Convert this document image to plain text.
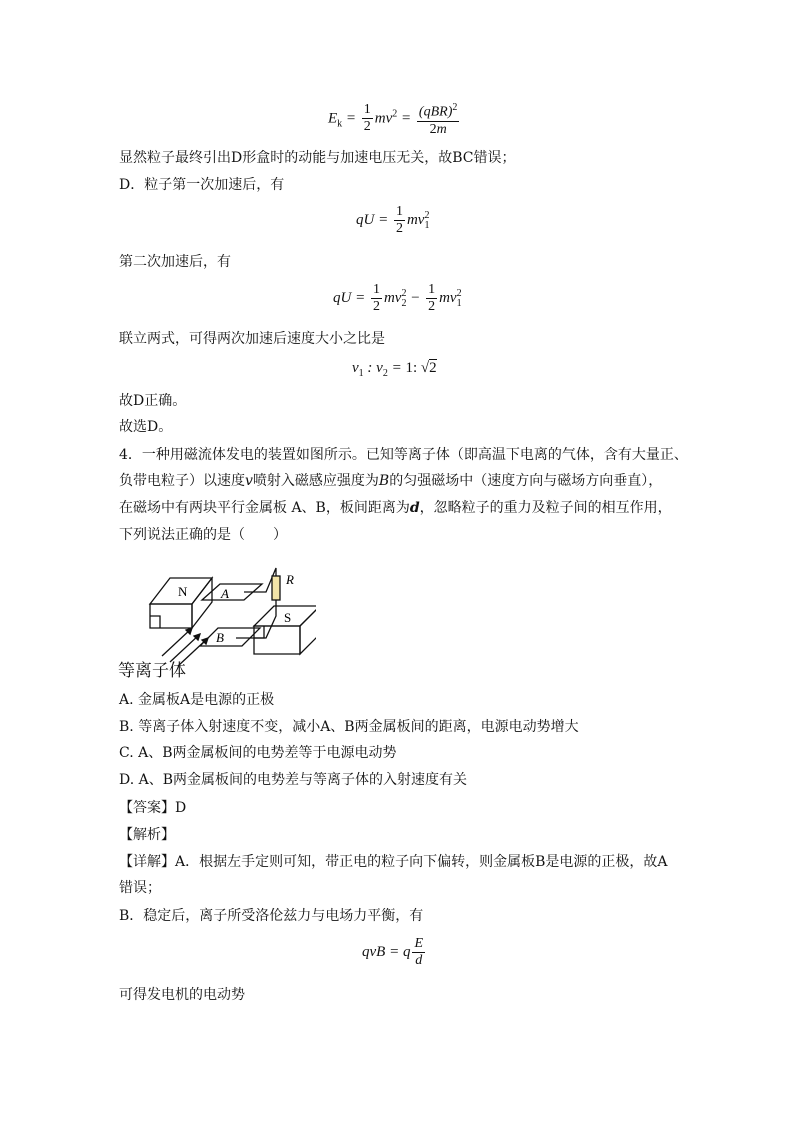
$E_k = \frac{1}{2} mv^2 = \frac{(qBR)^2}{2m}$
显然粒子最终引出D形盒时的动能与加速电压无关，故BC错误；
D．粒子第一次加速后，有
qU = $\frac{1}{2} mv_1^2$
第二次加速后，有
qU = $\frac{1}{2} mv_2^2 - \frac{1}{2} mv_1^2$
联立两式，可得两次加速后速度大小之比是
$v_1$ : $v_2 = 1$: √2
故D正确。
故选D。
4．一种用磁流体发电的装置如图所示。已知等离子体（即高温下电离的气体，含有大量正、
负带电粒子）以速度v喷射入磁感应强度为B的匀强磁场中（速度方向与磁场方向垂直），
在磁场中有两块平行金属板 A、B，板间距离为d，忽略粒子的重力及粒子间的相互作用，
下列说法正确的是（　　）
N	A
B
R
S
等离子体
A. 金属板A是电源的正极
B. 等离子体入射速度不变，减小A、B两金属板间的距离，电源电动势增大
C. A、B两金属板间的电势差等于电源电动势
D. A、B两金属板间的电势差与等离子体的入射速度有关
【答案】D
【解析】
【详解】A．根据左手定则可知，带正电的粒子向下偏转，则金属板B是电源的正极，故A
错误；
B．稳定后，离子所受洛伦兹力与电场力平衡，有
qvB = q $\frac{E}{d}$
可得发电机的电动势
